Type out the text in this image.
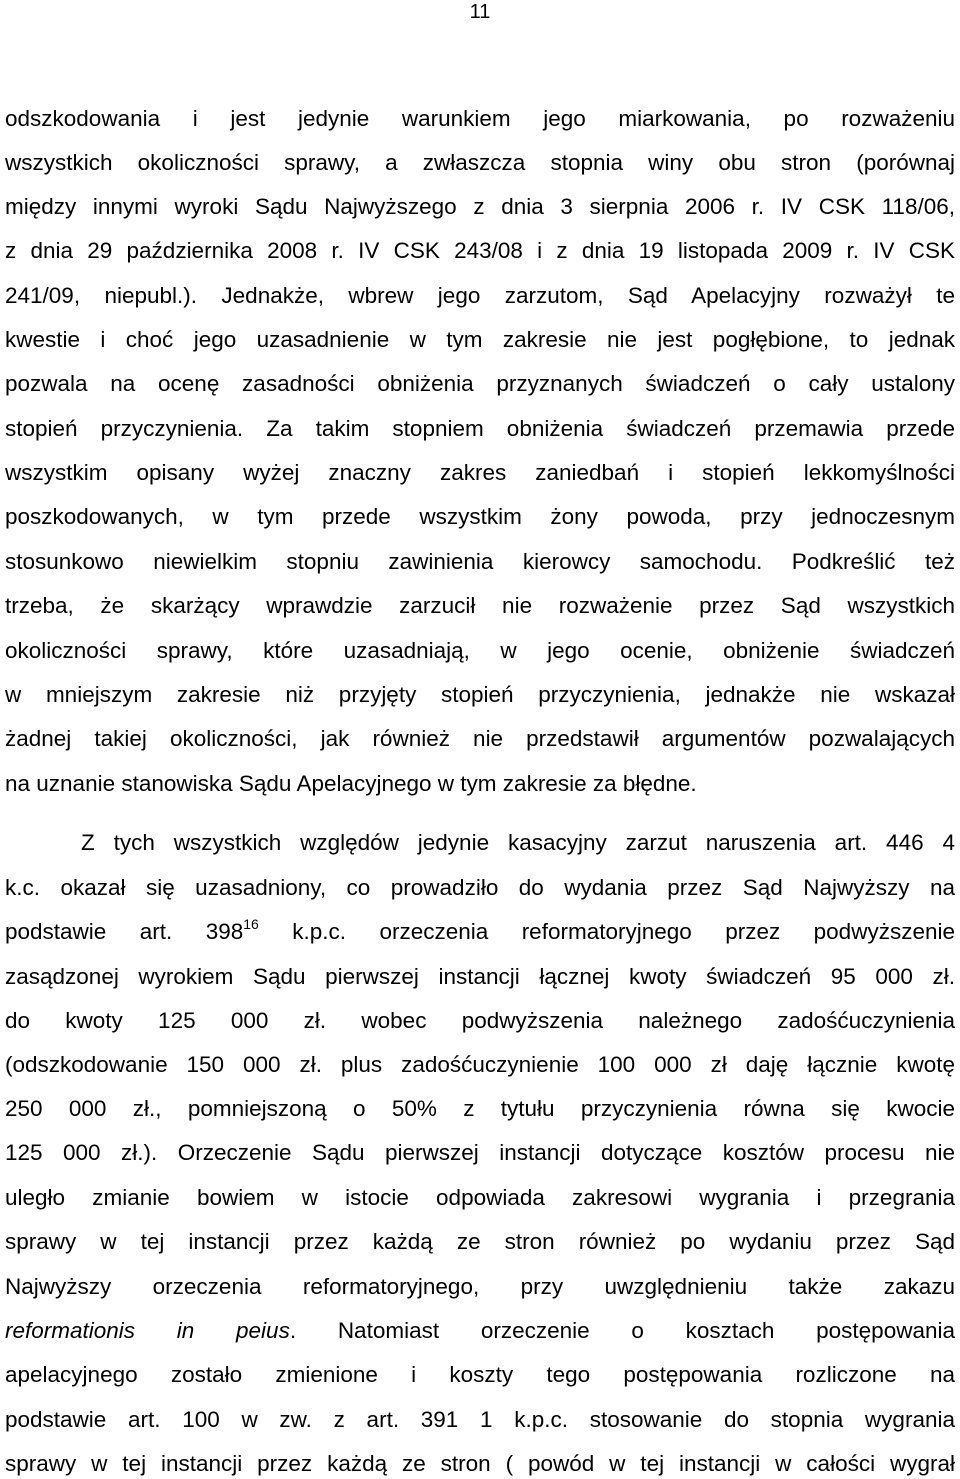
11
odszkodowania i jest jedynie warunkiem jego miarkowania, po rozważeniu
wszystkich okoliczności sprawy, a zwłaszcza stopnia winy obu stron (porównaj
między innymi wyroki Sądu Najwyższego z dnia 3 sierpnia 2006 r. IV CSK 118/06,
z dnia 29 października 2008 r. IV CSK 243/08 i z dnia 19 listopada 2009 r. IV CSK
241/09, niepubl.). Jednakże, wbrew jego zarzutom, Sąd Apelacyjny rozważył te
kwestie i choć jego uzasadnienie w tym zakresie nie jest pogłębione, to jednak
pozwala na ocenę zasadności obniżenia przyznanych świadczeń o cały ustalony
stopień przyczynienia. Za takim stopniem obniżenia świadczeń przemawia przede
wszystkim opisany wyżej znaczny zakres zaniedbań i stopień lekkomyślności
poszkodowanych, w tym przede wszystkim żony powoda, przy jednoczesnym
stosunkowo niewielkim stopniu zawinienia kierowcy samochodu. Podkreślić też
trzeba, że skarżący wprawdzie zarzucił nie rozważenie przez Sąd wszystkich
okoliczności sprawy, które uzasadniają, w jego ocenie, obniżenie świadczeń
w mniejszym zakresie niż przyjęty stopień przyczynienia, jednakże nie wskazał
żadnej takiej okoliczności, jak również nie przedstawił argumentów pozwalających
na uznanie stanowiska Sądu Apelacyjnego w tym zakresie za błędne.
Z tych wszystkich względów jedynie kasacyjny zarzut naruszenia art. 446 4
k.c. okazał się uzasadniony, co prowadziło do wydania przez Sąd Najwyższy na
podstawie art. $398^{16}$ k.p.c. orzeczenia reformatoryjnego przez podwyższenie
zasądzonej wyrokiem Sądu pierwszej instancji łącznej kwoty świadczeń 95 000 zł.
do kwoty 125 000 zł. wobec podwyższenia należnego zadośćuczynienia
(odszkodowanie 150 000 zł. plus zadośćuczynienie 100 000 zł daję łącznie kwotę
250 000 zł., pomniejszoną o 50% z tytułu przyczynienia równa się kwocie
125 000 zł.). Orzeczenie Sądu pierwszej instancji dotyczące kosztów procesu nie
uległo zmianie bowiem w istocie odpowiada zakresowi wygrania i przegrania
sprawy w tej instancji przez każdą ze stron również po wydaniu przez Sąd
Najwyższy orzeczenia reformatoryjnego, przy uwzględnieniu także zakazu
reformationis in peius. Natomiast orzeczenie o kosztach postępowania
apelacyjnego zostało zmienione i koszty tego postępowania rozliczone na
podstawie art. 100 w zw. z art. 391 1 k.p.c. stosowanie do stopnia wygrania
sprawy w tej instancji przez każdą ze stron ( powód w tej instancji w całości wygrał
